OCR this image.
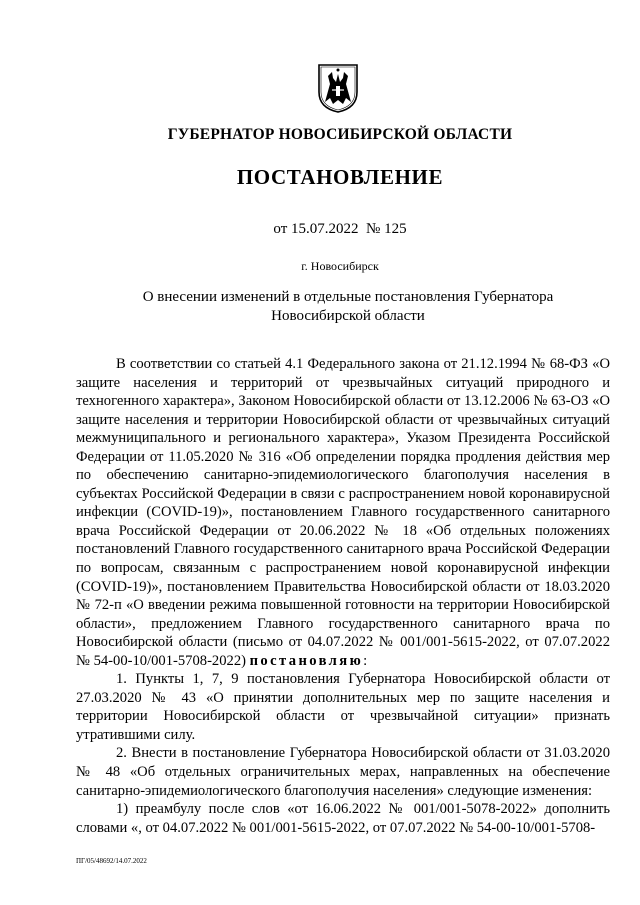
ГУБЕРНАТОР НОВОСИБИРСКОЙ ОБЛАСТИ
ПОСТАНОВЛЕНИЕ
от 15.07.2022  № 125
г. Новосибирск
О внесении изменений в отдельные постановления Губернатора
Новосибирской области

В соответствии со статьей 4.1 Федерального закона от 21.12.1994 № 68-ФЗ «О защите населения и территорий от чрезвычайных ситуаций природного и техногенного характера», Законом Новосибирской области от 13.12.2006 № 63-ОЗ «О защите населения и территории Новосибирской области от чрезвычайных ситуаций межмуниципального и регионального характера», Указом Президента Российской Федерации от 11.05.2020 № 316 «Об определении порядка продления действия мер по обеспечению санитарно-эпидемиологического благополучия населения в субъектах Российской Федерации в связи с распространением новой коронавирусной инфекции (COVID-19)», постановлением Главного государственного санитарного врача Российской Федерации от 20.06.2022 № 18 «Об отдельных положениях постановлений Главного государственного санитарного врача Российской Федерации по вопросам, связанным с распространением новой коронавирусной инфекции (COVID-19)», постановлением Правительства Новосибирской области от 18.03.2020 № 72-п «О введении режима повышенной готовности на территории Новосибирской области», предложением Главного государственного санитарного врача по Новосибирской области (письмо от 04.07.2022 № 001/001-5615-2022, от 07.07.2022 № 54-00-10/001-5708-2022) постановляю:

1. Пункты 1, 7, 9 постановления Губернатора Новосибирской области от 27.03.2020 № 43 «О принятии дополнительных мер по защите населения и территории Новосибирской области от чрезвычайной ситуации» признать утратившими силу.

2. Внести в постановление Губернатора Новосибирской области от 31.03.2020 № 48 «Об отдельных ограничительных мерах, направленных на обеспечение санитарно-эпидемиологического благополучия населения» следующие изменения:

1) преамбулу после слов «от 16.06.2022 № 001/001-5078-2022» дополнить словами «, от 04.07.2022 № 001/001-5615-2022, от 07.07.2022 № 54-00-10/001-5708-

ПГ/05/48692/14.07.2022
